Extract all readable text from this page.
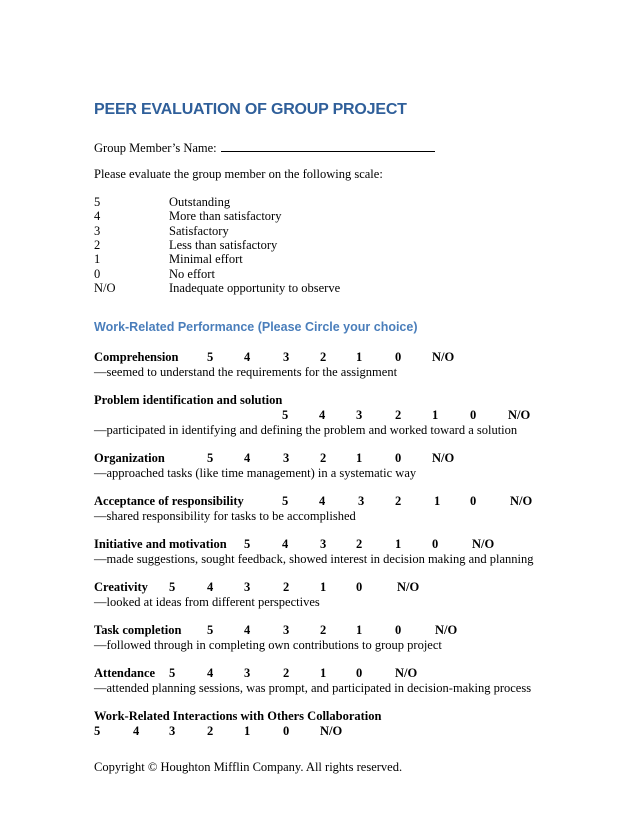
PEER EVALUATION OF GROUP PROJECT
Group Member’s Name:
Please evaluate the group member on the following scale:
5	Outstanding
4	More than satisfactory
3	Satisfactory
2	Less than satisfactory
1	Minimal effort
0	No effort
N/O	Inadequate opportunity to observe
Work-Related Performance (Please Circle your choice)
Comprehension 5 4	3 2 1	0 N/O
—seemed to understand the requirements for the assignment
Problem identification and solution
5 4 3	2 1	0	N/O
—participated in identifying and defining the problem and worked toward a solution
Organization	5 4	3 2 1	0 N/O
—approached tasks (like time management) in a systematic way
Acceptance of responsibility	5 4	3 2	1 0	N/O
—shared responsibility for tasks to be accomplished
Initiative and motivation 5	4	3 2	1 0	N/O
—made suggestions, sought feedback, showed interest in decision making and planning
Creativity 5	4 3	2 1 0	N/O
—looked at ideas from different perspectives
Task completion 5 4	3 2 1	0	N/O
—followed through in completing own contributions to group project
Attendance 5	4 3	2 1 0	N/O
—attended planning sessions, was prompt, and participated in decision-making process
Work-Related Interactions with Others Collaboration
5	4 3	2 1	0 N/O
Copyright © Houghton Mifflin Company. All rights reserved.
